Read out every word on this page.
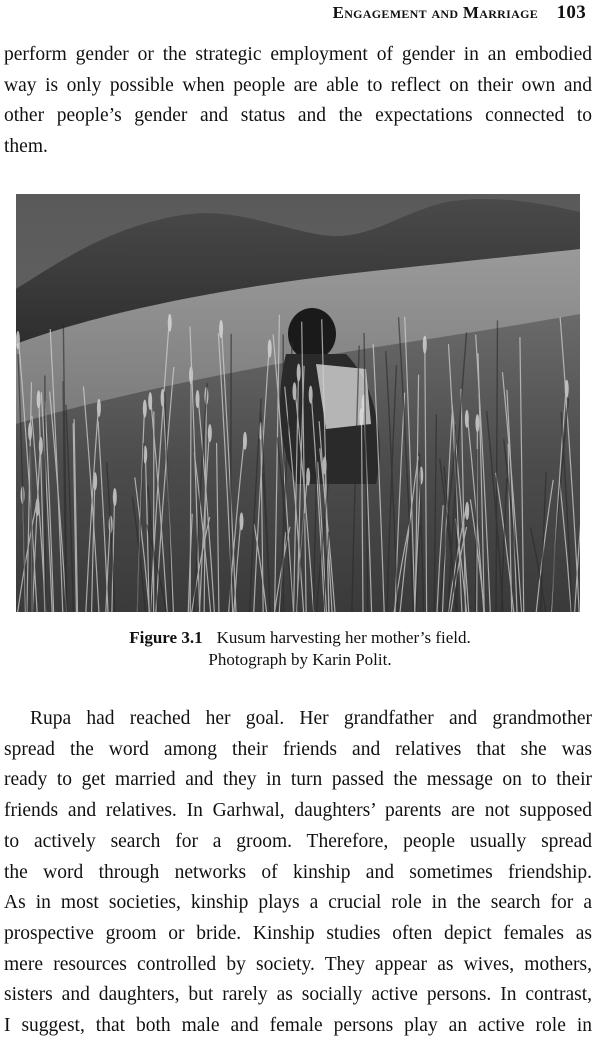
Engagement and Marriage 103
perform gender or the strategic employment of gender in an embodied
way is only possible when people are able to reflect on their own and
other people’s gender and status and the expectations connected to
them.
Figure 3.1 Kusum harvesting her mother’s field.
Photograph by Karin Polit.
Rupa had reached her goal. Her grandfather and grandmother
spread the word among their friends and relatives that she was
ready to get married and they in turn passed the message on to their
friends and relatives. In Garhwal, daughters’ parents are not supposed
to actively search for a groom. Therefore, people usually spread
the word through networks of kinship and sometimes friendship.
As in most societies, kinship plays a crucial role in the search for a
prospective groom or bride. Kinship studies often depict females as
mere resources controlled by society. They appear as wives, mothers,
sisters and daughters, but rarely as socially active persons. In contrast,
I suggest, that both male and female persons play an active role in
